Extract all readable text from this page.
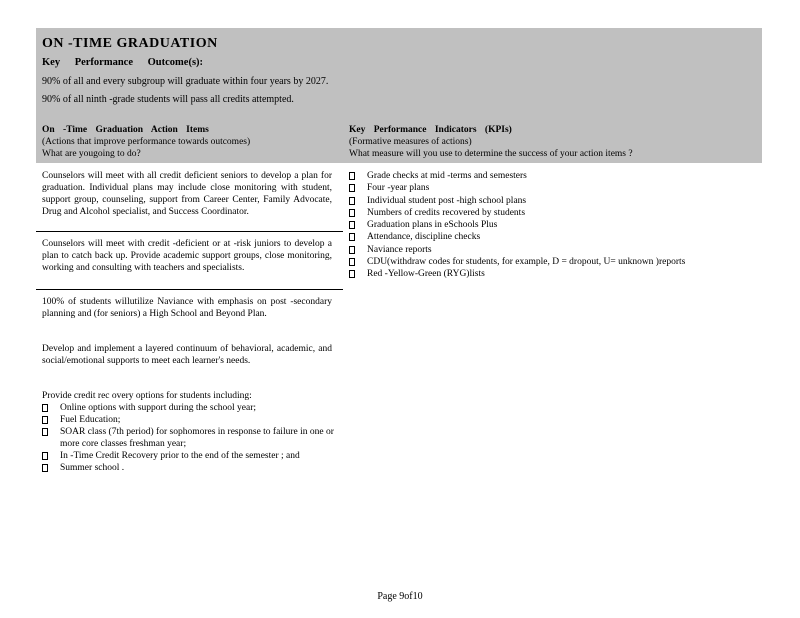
ON -TIME GRADUATION
Key Performance Outcome(s):
90% of all and every subgroup will graduate within four years by 2027.
90% of all ninth -grade students will pass all credits attempted.
On -Time Graduation Action Items
(Actions that improve performance towards outcomes)
What are yougoing to do?
Key Performance Indicators (KPIs)
(Formative measures of actions)
What measure will you use to determine the success of your action items ?
Counselors will meet with all credit deficient seniors to develop a plan for graduation. Individual plans may include close monitoring with student, support group, counseling, support from Career Center, Family Advocate, Drug and Alcohol specialist, and Success Coordinator.
Counselors will meet with credit -deficient or at -risk juniors to develop a plan to catch back up. Provide academic support groups, close monitoring, working and consulting with teachers and specialists.
100% of students willutilize Naviance with emphasis on post -secondary planning and (for seniors) a High School and Beyond Plan.
Develop and implement a layered continuum of behavioral, academic, and social/emotional supports to meet each learner's needs.
Provide credit rec overy options for students including:
Online options with support during the school year;
Fuel Education;
SOAR class (7th period) for sophomores in response to failure in one or more core classes freshman year;
In -Time Credit Recovery prior to the end of the semester ; and
Summer school .
Grade checks at mid -terms and semesters
Four -year plans
Individual student post -high school plans
Numbers of credits recovered by students
Graduation plans in eSchools Plus
Attendance, discipline checks
Naviance reports
CDU(withdraw codes for students, for example, D = dropout, U= unknown )reports
Red -Yellow-Green (RYG)lists
Page 9of10
